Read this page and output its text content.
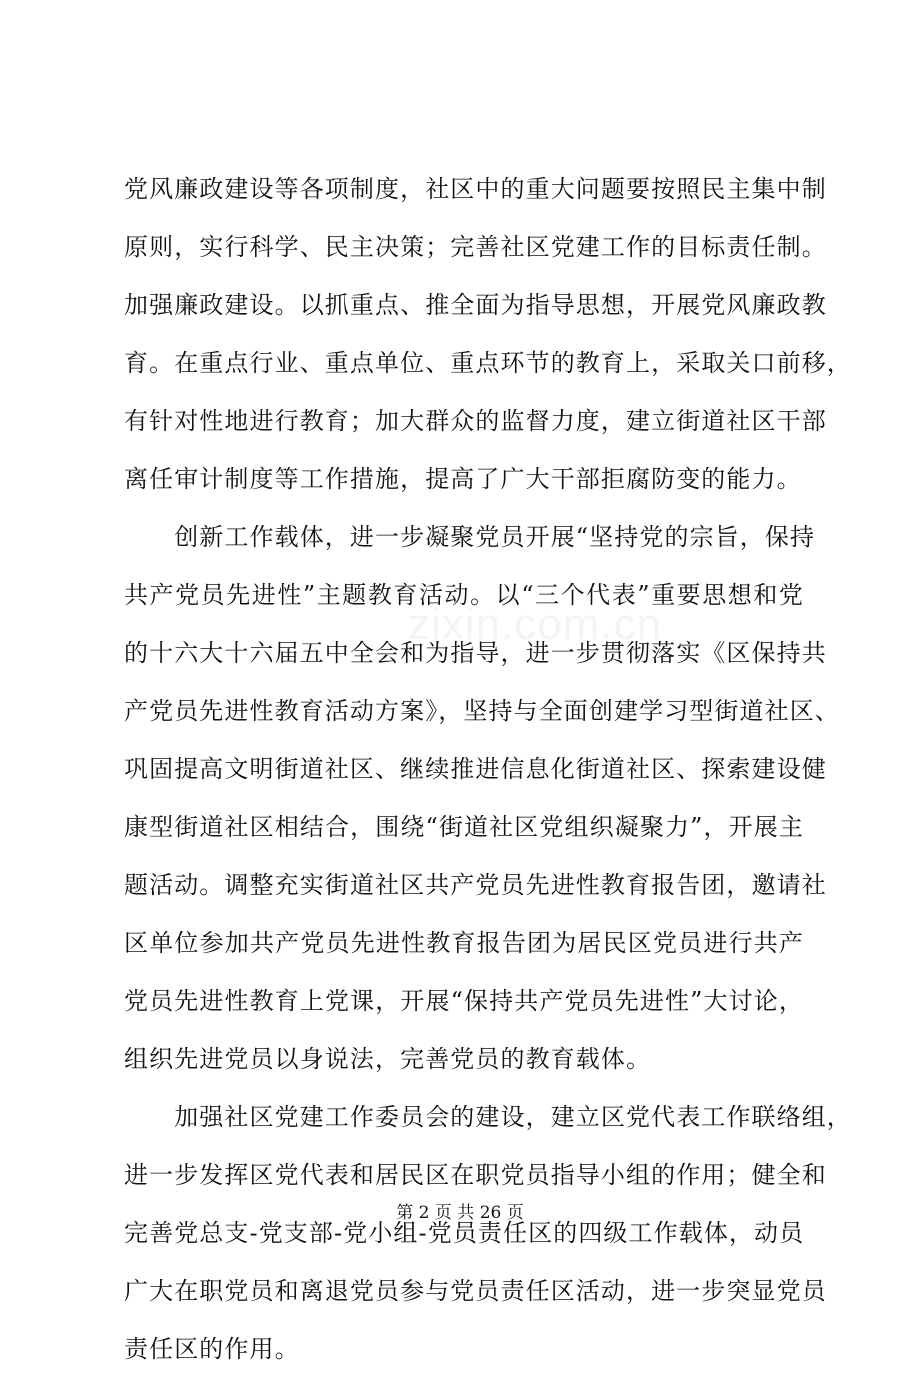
zixin.com.cn
党风廉政建设等各项制度，社区中的重大问题要按照民主集中制
原则，实行科学、民主决策；完善社区党建工作的目标责任制。
加强廉政建设。以抓重点、推全面为指导思想，开展党风廉政教
育。在重点行业、重点单位、重点环节的教育上，采取关口前移，
有针对性地进行教育；加大群众的监督力度，建立街道社区干部
离任审计制度等工作措施，提高了广大干部拒腐防变的能力。
　　创新工作载体，进一步凝聚党员开展“坚持党的宗旨，保持
共产党员先进性”主题教育活动。以“三个代表”重要思想和党
的十六大十六届五中全会和为指导，进一步贯彻落实《区保持共
产党员先进性教育活动方案》，坚持与全面创建学习型街道社区、
巩固提高文明街道社区、继续推进信息化街道社区、探索建设健
康型街道社区相结合，围绕“街道社区党组织凝聚力”，开展主
题活动。调整充实街道社区共产党员先进性教育报告团，邀请社
区单位参加共产党员先进性教育报告团为居民区党员进行共产
党员先进性教育上党课，开展“保持共产党员先进性”大讨论，
组织先进党员以身说法，完善党员的教育载体。
　　加强社区党建工作委员会的建设，建立区党代表工作联络组，
进一步发挥区党代表和居民区在职党员指导小组的作用；健全和
完善党总支-党支部-党小组-党员责任区的四级工作载体，动员
广大在职党员和离退党员参与党员责任区活动，进一步突显党员
责任区的作用。
第 2 页 共 26 页
